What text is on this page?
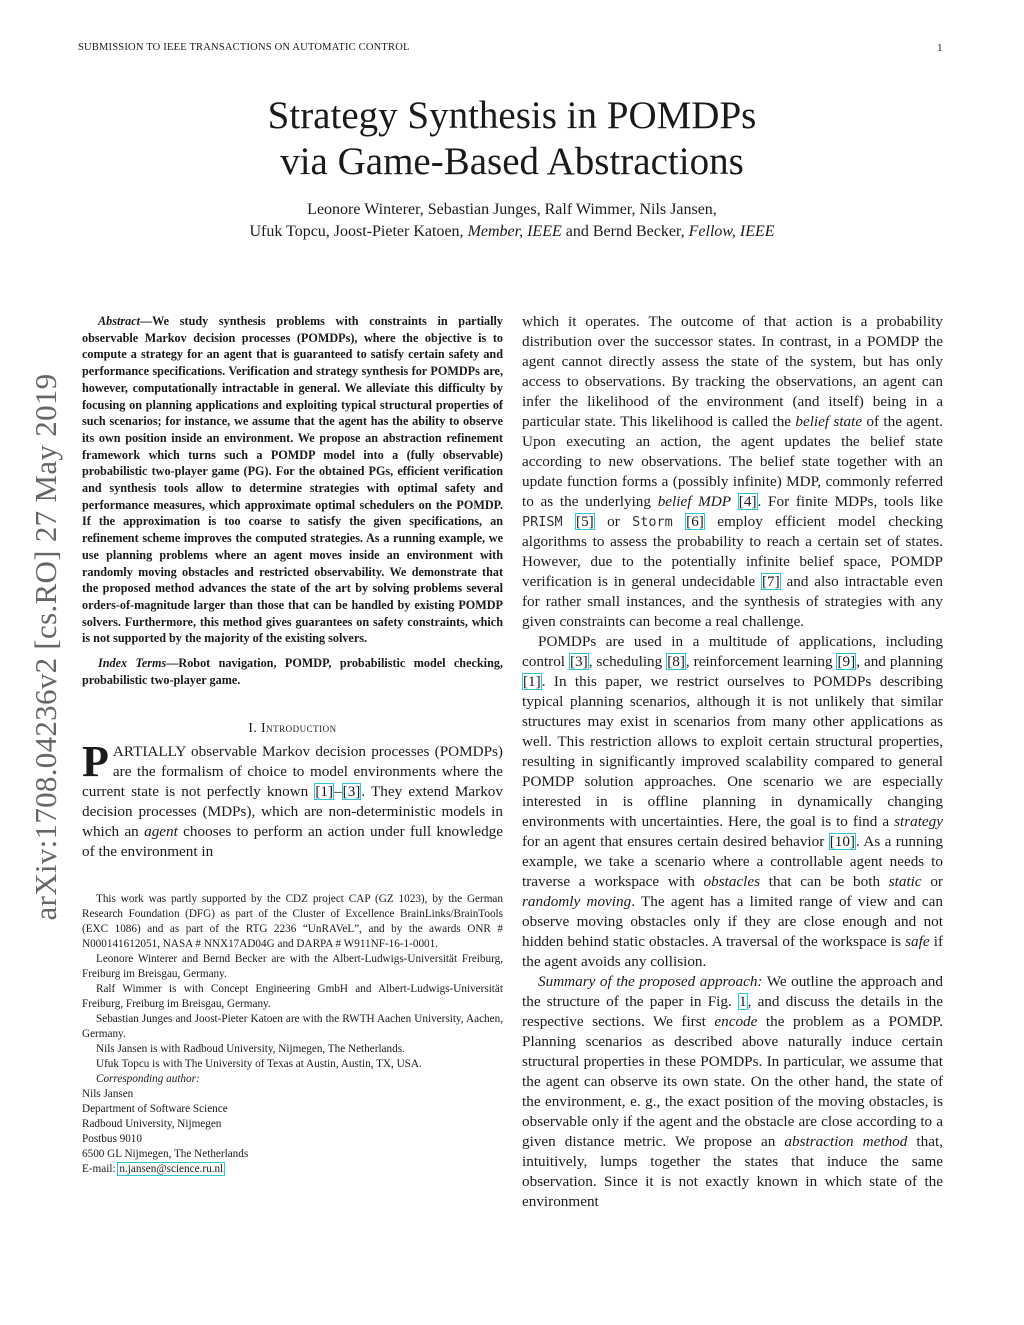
SUBMISSION TO IEEE TRANSACTIONS ON AUTOMATIC CONTROL	1
Strategy Synthesis in POMDPs
via Game-Based Abstractions
Leonore Winterer, Sebastian Junges, Ralf Wimmer, Nils Jansen,
Ufuk Topcu, Joost-Pieter Katoen, Member, IEEE and Bernd Becker, Fellow, IEEE
arXiv:1708.04236v2 [cs.RO] 27 May 2019

Abstract—We study synthesis problems with constraints in partially observable Markov decision processes (POMDPs), where the objective is to compute a strategy for an agent that is guaranteed to satisfy certain safety and performance specifications. Verification and strategy synthesis for POMDPs are, however, computationally intractable in general. We alleviate this difficulty by focusing on planning applications and exploiting typical structural properties of such scenarios; for instance, we assume that the agent has the ability to observe its own position inside an environment. We propose an abstraction refinement framework which turns such a POMDP model into a (fully observable) probabilistic two-player game (PG). For the obtained PGs, efficient verification and synthesis tools allow to determine strategies with optimal safety and performance measures, which approximate optimal schedulers on the POMDP. If the approximation is too coarse to satisfy the given specifications, an refinement scheme improves the computed strategies. As a running example, we use planning problems where an agent moves inside an environment with randomly moving obstacles and restricted observability. We demonstrate that the proposed method advances the state of the art by solving problems several orders-of-magnitude larger than those that can be handled by existing POMDP solvers. Furthermore, this method gives guarantees on safety constraints, which is not supported by the majority of the existing solvers.

Index Terms—Robot navigation, POMDP, probabilistic model checking, probabilistic two-player game.

I. Introduction

PARTIALLY observable Markov decision processes (POMDPs) are the formalism of choice to model environments where the current state is not perfectly known [1]–[3]. They extend Markov decision processes (MDPs), which are non-deterministic models in which an agent chooses to perform an action under full knowledge of the environment in

This work was partly supported by the CDZ project CAP (GZ 1023), by the German Research Foundation (DFG) as part of the Cluster of Excellence BrainLinks/BrainTools (EXC 1086) and as part of the RTG 2236 “UnRAVeL”, and by the awards ONR # N000141612051, NASA # NNX17AD04G and DARPA # W911NF-16-1-0001.

Leonore Winterer and Bernd Becker are with the Albert-Ludwigs-Universität Freiburg, Freiburg im Breisgau, Germany.

Ralf Wimmer is with Concept Engineering GmbH and Albert-Ludwigs-Universität Freiburg, Freiburg im Breisgau, Germany.

Sebastian Junges and Joost-Pieter Katoen are with the RWTH Aachen University, Aachen, Germany.

Nils Jansen is with Radboud University, Nijmegen, The Netherlands.

Ufuk Topcu is with The University of Texas at Austin, Austin, TX, USA.

Corresponding author:

Nils Jansen

Department of Software Science

Radboud University, Nijmegen

Postbus 9010

6500 GL Nijmegen, The Netherlands

E-mail: n.jansen@science.ru.nl

which it operates. The outcome of that action is a probability distribution over the successor states. In contrast, in a POMDP the agent cannot directly assess the state of the system, but has only access to observations. By tracking the observations, an agent can infer the likelihood of the environment (and itself) being in a particular state. This likelihood is called the belief state of the agent. Upon executing an action, the agent updates the belief state according to new observations. The belief state together with an update function forms a (possibly infinite) MDP, commonly referred to as the underlying belief MDP [4]. For finite MDPs, tools like PRISM [5] or Storm [6] employ efficient model checking algorithms to assess the probability to reach a certain set of states. However, due to the potentially infinite belief space, POMDP verification is in general undecidable [7] and also intractable even for rather small instances, and the synthesis of strategies with any given constraints can become a real challenge.

POMDPs are used in a multitude of applications, including control [3], scheduling [8], reinforcement learning [9], and planning [1]. In this paper, we restrict ourselves to POMDPs describing typical planning scenarios, although it is not unlikely that similar structures may exist in scenarios from many other applications as well. This restriction allows to exploit certain structural properties, resulting in significantly improved scalability compared to general POMDP solution approaches. One scenario we are especially interested in is offline planning in dynamically changing environments with uncertainties. Here, the goal is to find a strategy for an agent that ensures certain desired behavior [10]. As a running example, we take a scenario where a controllable agent needs to traverse a workspace with obstacles that can be both static or randomly moving. The agent has a limited range of view and can observe moving obstacles only if they are close enough and not hidden behind static obstacles. A traversal of the workspace is safe if the agent avoids any collision.

Summary of the proposed approach: We outline the approach and the structure of the paper in Fig. 1, and discuss the details in the respective sections. We first encode the problem as a POMDP. Planning scenarios as described above naturally induce certain structural properties in these POMDPs. In particular, we assume that the agent can observe its own state. On the other hand, the state of the environment, e. g., the exact position of the moving obstacles, is observable only if the agent and the obstacle are close according to a given distance metric. We propose an abstraction method that, intuitively, lumps together the states that induce the same observation. Since it is not exactly known in which state of the environment
